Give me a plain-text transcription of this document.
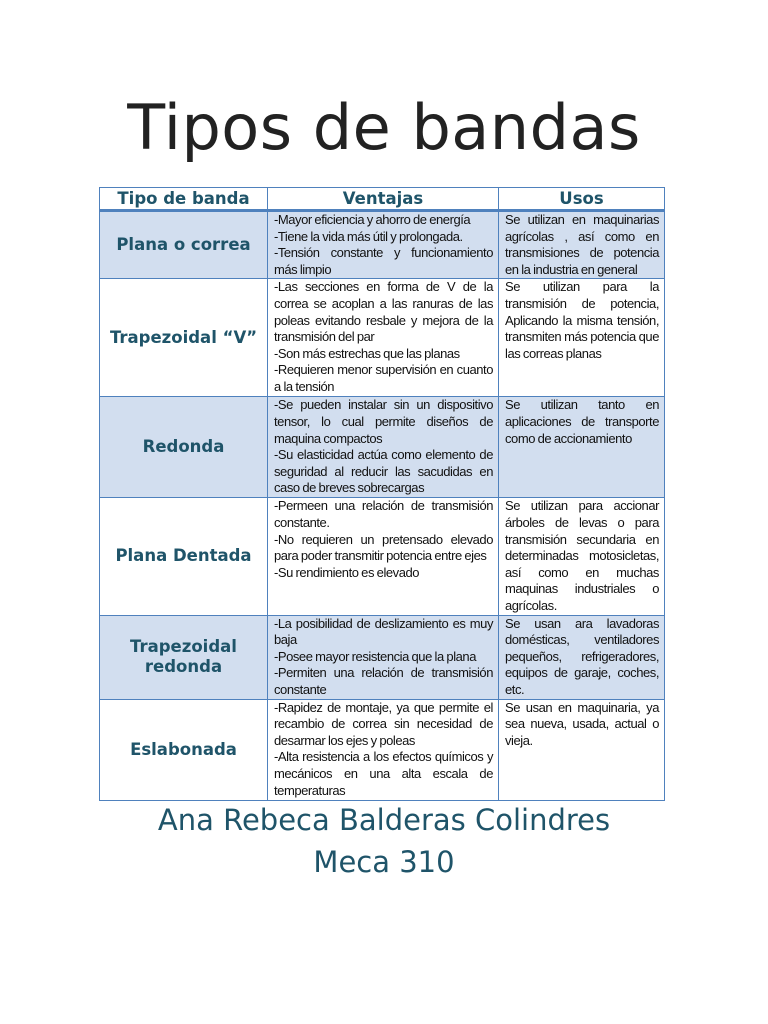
Tipos de bandas
Tipo de banda	Ventajas	Usos
Plana o correa	-Mayor eficiencia y ahorro de energía
-Tiene la vida más útil y prolongada.
-Tensión constante y funcionamiento más limpio	Se utilizan en maquinarias agrícolas , así como en transmisiones de potencia en la industria en general

Trapezoidal “V”	-Las secciones en forma de V de la correa se acoplan a las ranuras de las poleas evitando resbale y mejora de la transmisión del par
-Son más estrechas que las planas
-Requieren menor supervisión en cuanto a la tensión	Se utilizan para la transmisión de potencia, Aplicando la misma tensión, transmiten más potencia que las correas planas

Redonda	-Se pueden instalar sin un dispositivo tensor, lo cual permite diseños de maquina compactos
-Su elasticidad actúa como elemento de seguridad al reducir las sacudidas en caso de breves sobrecargas	Se utilizan tanto en aplicaciones de transporte como de accionamiento

Plana Dentada	-Permeen una relación de transmisión constante.
-No requieren un pretensado elevado para poder transmitir potencia entre ejes
-Su rendimiento es elevado	Se utilizan para accionar árboles de levas o para transmisión secundaria en determinadas motosicletas, así como en muchas maquinas industriales o agrícolas.

Trapezoidal redonda	-La posibilidad de deslizamiento es muy baja
-Posee mayor resistencia que la plana
-Permiten una relación de transmisión constante	Se usan ara lavadoras domésticas, ventiladores pequeños, refrigeradores, equipos de garaje, coches, etc.

Eslabonada	-Rapidez de montaje, ya que permite el recambio de correa sin necesidad de desarmar los ejes y poleas
-Alta resistencia a los efectos químicos y mecánicos en una alta escala de temperaturas	Se usan en maquinaria, ya sea nueva, usada, actual o vieja.
Ana Rebeca Balderas Colindres
Meca 310
